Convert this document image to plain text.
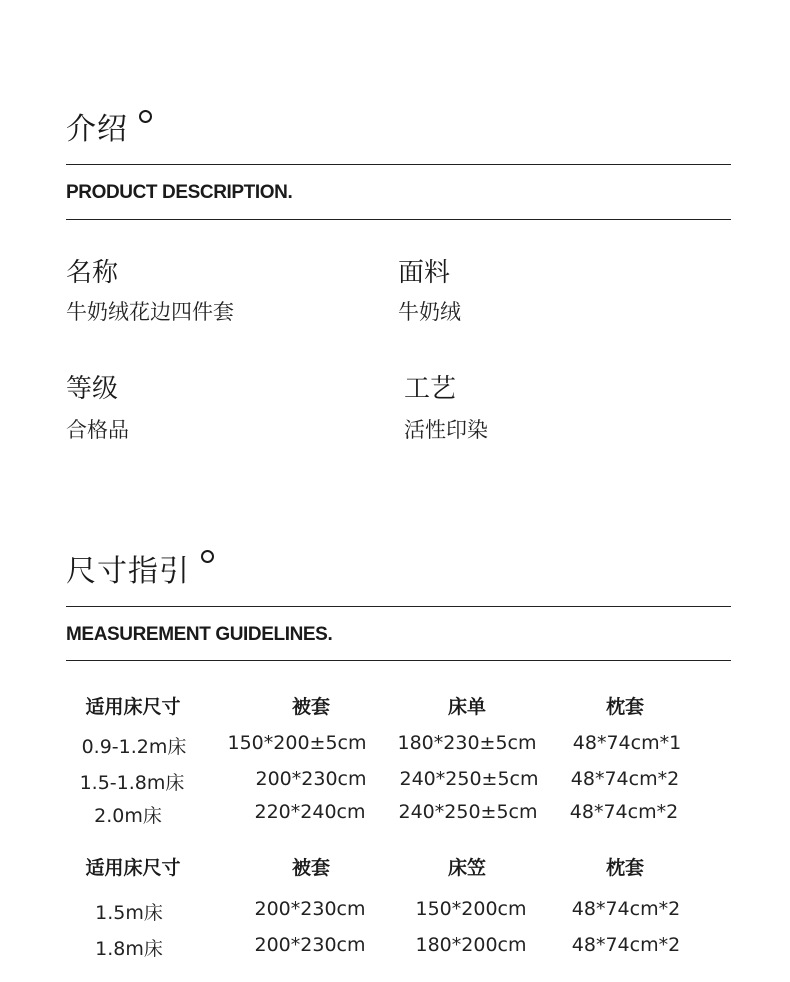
介绍
PRODUCT DESCRIPTION.
名称
牛奶绒花边四件套
面料
牛奶绒
等级
合格品
工艺
活性印染
尺寸指引
MEASUREMENT GUIDELINES.
适用床尺寸	被套	床单	枕套
0.9-1.2m床	150*200±5cm	180*230±5cm	48*74cm*1
1.5-1.8m床	200*230cm	240*250±5cm	48*74cm*2
2.0m床	220*240cm	240*250±5cm	48*74cm*2
适用床尺寸	被套	床笠	枕套
1.5m床	200*230cm	150*200cm	48*74cm*2
1.8m床	200*230cm	180*200cm	48*74cm*2
